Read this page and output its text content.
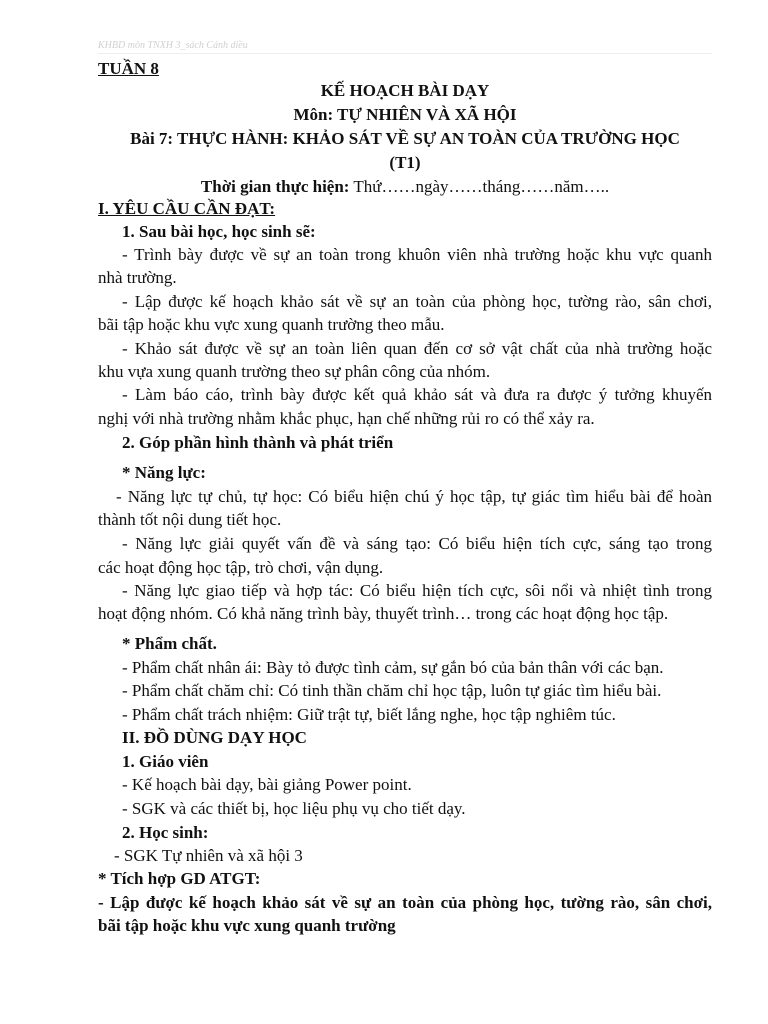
KHBD môn TNXH 3_sách Cánh diều
TUẦN 8
KẾ HOẠCH BÀI DẠY
Môn: TỰ NHIÊN VÀ XÃ HỘI
Bài 7: THỰC HÀNH: KHẢO SÁT VỀ SỰ AN TOÀN CỦA TRƯỜNG HỌC
(T1)
Thời gian thực hiện: Thứ……ngày……tháng……năm…..
I. YÊU CẦU CẦN ĐẠT:
1. Sau bài học, học sinh sẽ:
- Trình bày được về sự an toàn trong khuôn viên nhà trường hoặc khu vực quanh
nhà trường.
- Lập được kế hoạch khảo sát về sự an toàn của phòng học, tường rào, sân chơi,
bãi tập hoặc khu vực xung quanh trường theo mẫu.
- Khảo sát được về sự an toàn liên quan đến cơ sở vật chất của nhà trường hoặc
khu vựa xung quanh trường theo sự phân công của nhóm.
- Làm báo cáo, trình bày được kết quả khảo sát và đưa ra được ý tưởng khuyến
nghị với nhà trường nhằm khắc phục, hạn chế những rủi ro có thể xảy ra.
2. Góp phần hình thành và phát triển
* Năng lực:
- Năng lực tự chủ, tự học: Có biểu hiện chú ý học tập, tự giác tìm hiểu bài để hoàn
thành tốt nội dung tiết học.
- Năng lực giải quyết vấn đề và sáng tạo: Có biểu hiện tích cực, sáng tạo trong
các hoạt động học tập, trò chơi, vận dụng.
- Năng lực giao tiếp và hợp tác: Có biểu hiện tích cực, sôi nổi và nhiệt tình trong
hoạt động nhóm. Có khả năng trình bày, thuyết trình… trong các hoạt động học tập.
* Phẩm chất.
- Phẩm chất nhân ái: Bày tỏ được tình cảm, sự gắn bó của bản thân với các bạn.
- Phẩm chất chăm chỉ: Có tinh thần chăm chỉ học tập, luôn tự giác tìm hiểu bài.
- Phẩm chất trách nhiệm: Giữ trật tự, biết lắng nghe, học tập nghiêm túc.
II. ĐỒ DÙNG DẠY HỌC
1. Giáo viên
- Kế hoạch bài dạy, bài giảng Power point.
- SGK và các thiết bị, học liệu phụ vụ cho tiết dạy.
2. Học sinh:
- SGK Tự nhiên và xã hội 3
* Tích hợp GD ATGT:
- Lập được kế hoạch khảo sát về sự an toàn của phòng học, tường rào, sân chơi,
bãi tập hoặc khu vực xung quanh trường
